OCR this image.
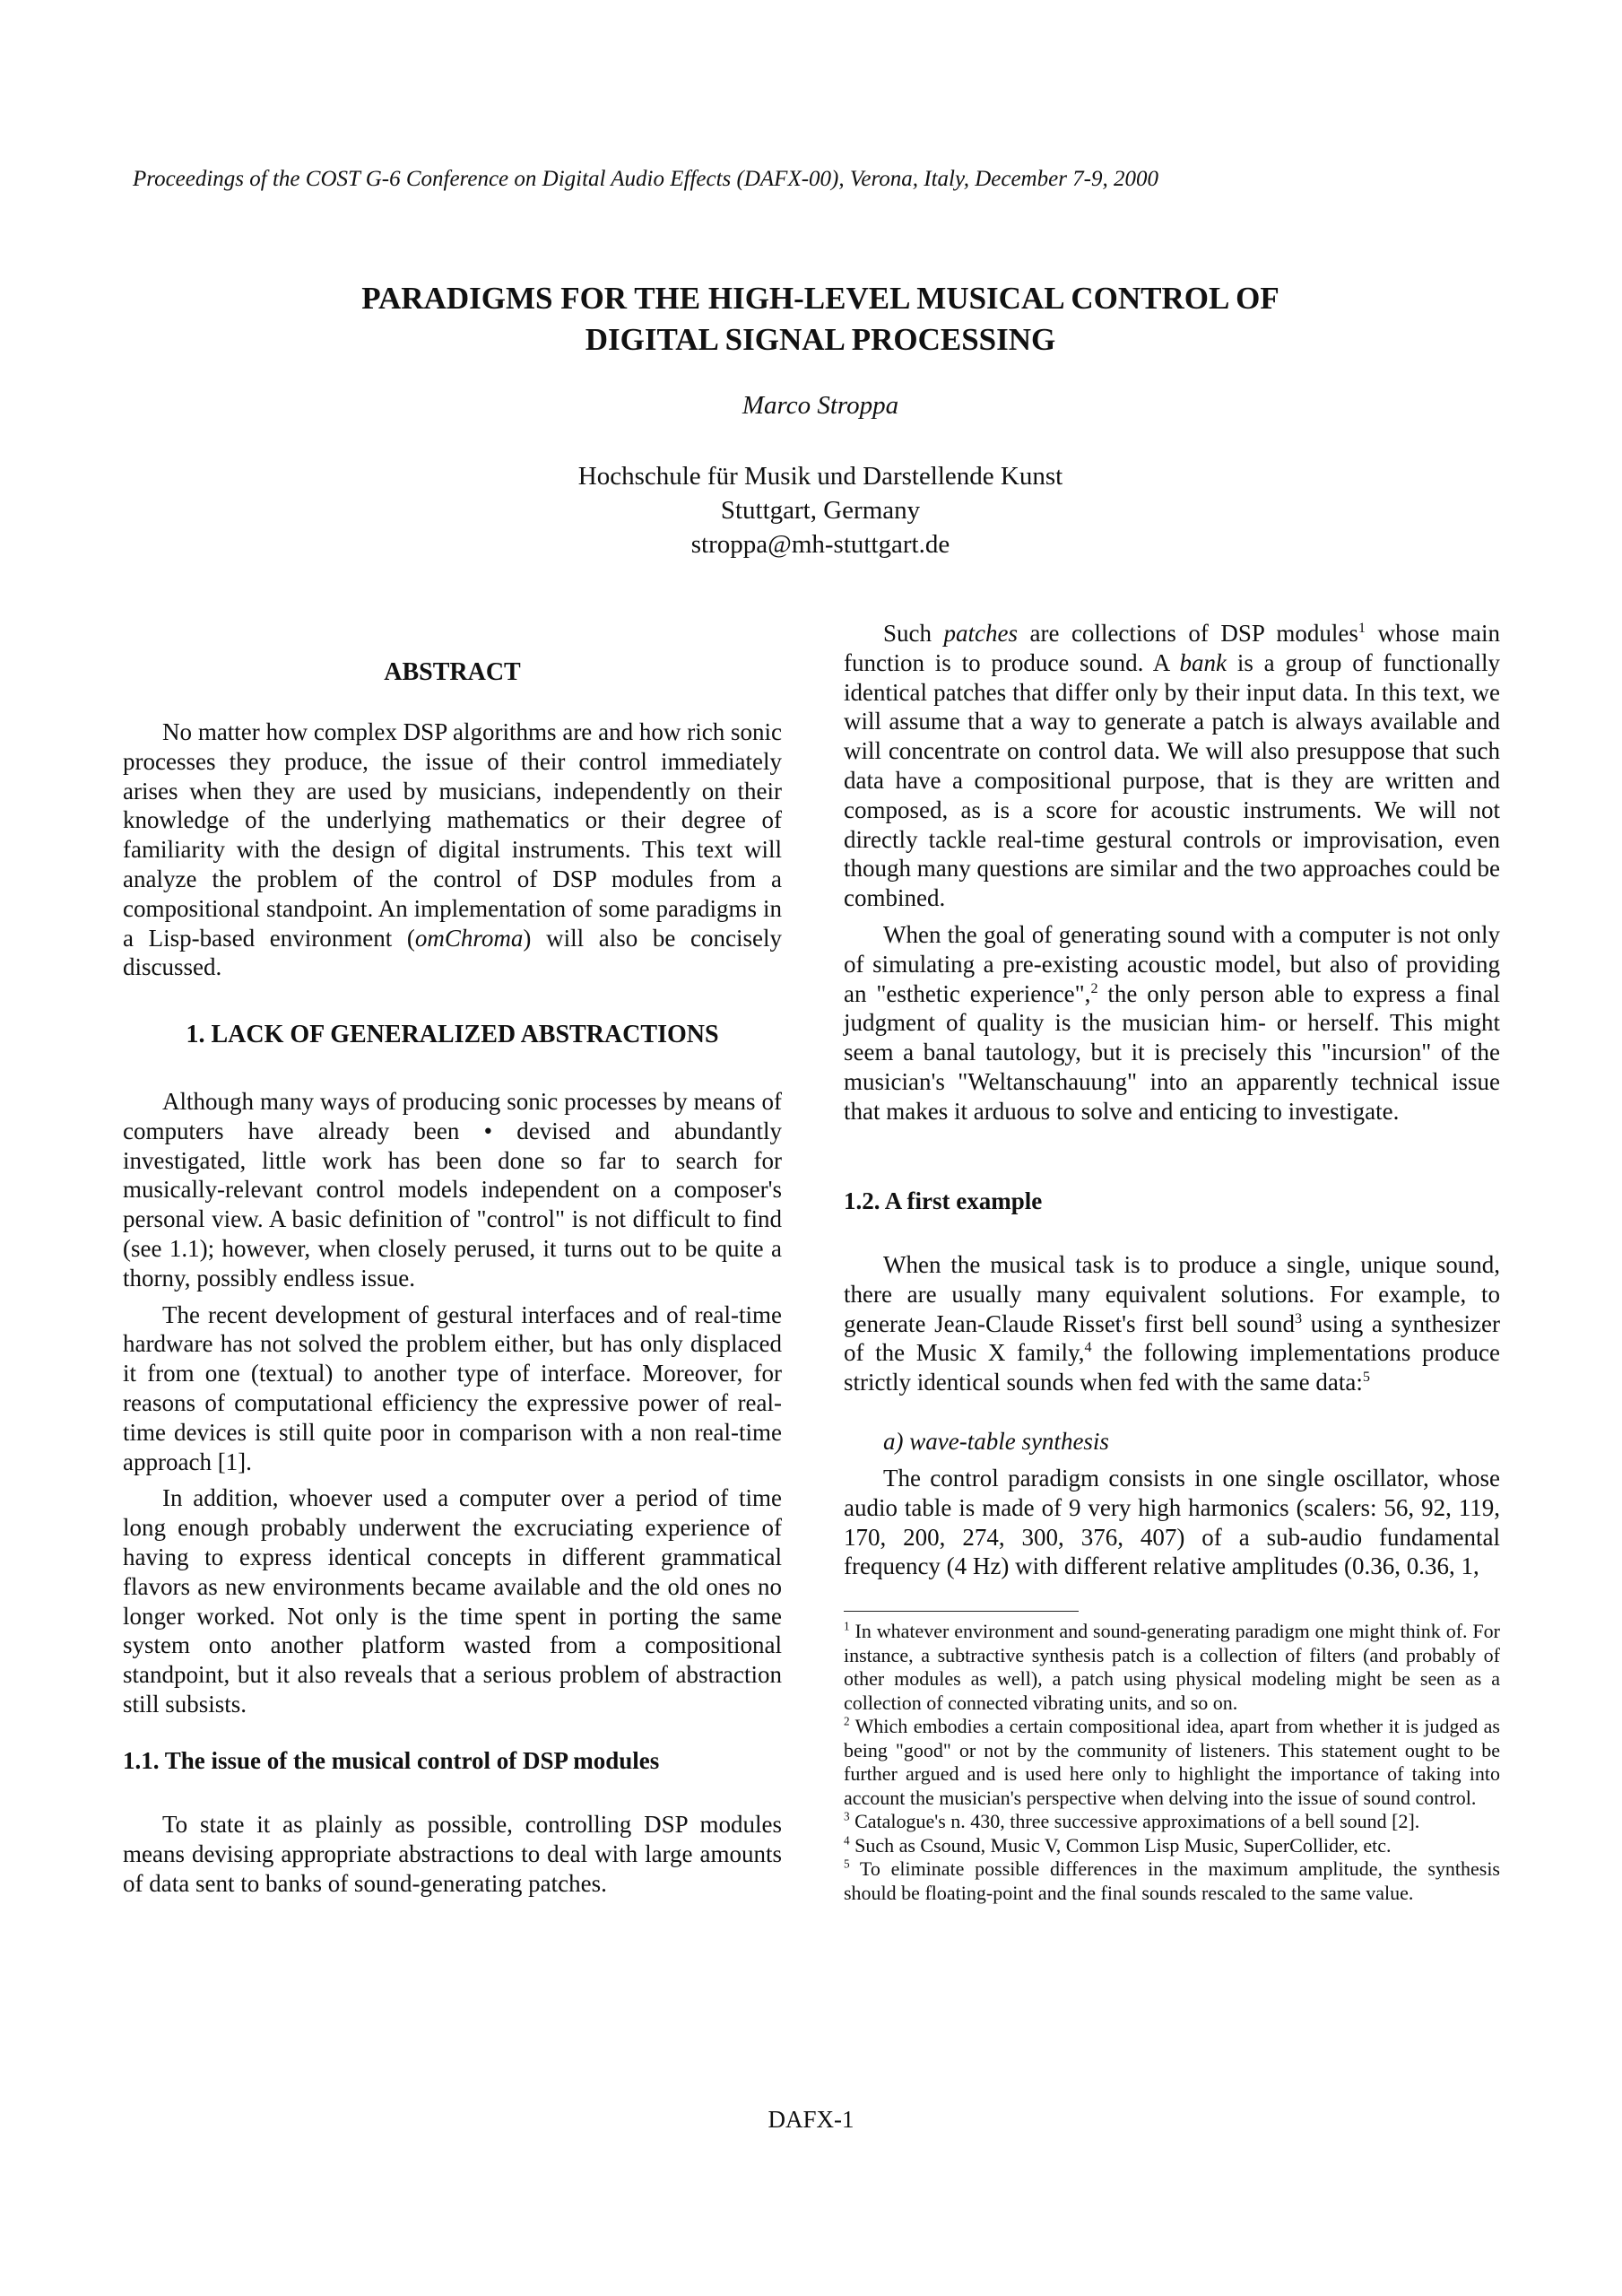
Proceedings of the COST G-6 Conference on Digital Audio Effects (DAFX-00), Verona, Italy, December 7-9, 2000
PARADIGMS FOR THE HIGH-LEVEL MUSICAL CONTROL OF
DIGITAL SIGNAL PROCESSING
Marco Stroppa
Hochschule für Musik und Darstellende Kunst
Stuttgart, Germany
stroppa@mh-stuttgart.de
ABSTRACT

No matter how complex DSP algorithms are and how rich sonic processes they produce, the issue of their control immediately arises when they are used by musicians, independently on their knowledge of the underlying mathematics or their degree of familiarity with the design of digital instruments. This text will analyze the problem of the control of DSP modules from a compositional standpoint. An implementation of some paradigms in a Lisp-based environment (omChroma) will also be concisely discussed.

1. LACK OF GENERALIZED ABSTRACTIONS

Although many ways of producing sonic processes by means of computers have already been • devised and abundantly investigated, little work has been done so far to search for musically-relevant control models independent on a composer's personal view. A basic definition of "control" is not difficult to find (see 1.1); however, when closely perused, it turns out to be quite a thorny, possibly endless issue.

The recent development of gestural interfaces and of real-time hardware has not solved the problem either, but has only displaced it from one (textual) to another type of interface. Moreover, for reasons of computational efficiency the expressive power of real-time devices is still quite poor in comparison with a non real-time approach [1].

In addition, whoever used a computer over a period of time long enough probably underwent the excruciating experience of having to express identical concepts in different grammatical flavors as new environments became available and the old ones no longer worked. Not only is the time spent in porting the same system onto another platform wasted from a compositional standpoint, but it also reveals that a serious problem of abstraction still subsists.

1.1. The issue of the musical control of DSP modules

To state it as plainly as possible, controlling DSP modules means devising appropriate abstractions to deal with large amounts of data sent to banks of sound-generating patches.

Such patches are collections of DSP modules$^1$ whose main function is to produce sound. A bank is a group of functionally identical patches that differ only by their input data. In this text, we will assume that a way to generate a patch is always available and will concentrate on control data. We will also presuppose that such data have a compositional purpose, that is they are written and composed, as is a score for acoustic instruments. We will not directly tackle real-time gestural controls or improvisation, even though many questions are similar and the two approaches could be combined.

When the goal of generating sound with a computer is not only of simulating a pre-existing acoustic model, but also of providing an "esthetic experience",$^2$ the only person able to express a final judgment of quality is the musician him- or herself. This might seem a banal tautology, but it is precisely this "incursion" of the musician's "Weltanschauung" into an apparently technical issue that makes it arduous to solve and enticing to investigate.

1.2. A first example

When the musical task is to produce a single, unique sound, there are usually many equivalent solutions. For example, to generate Jean-Claude Risset's first bell sound$^3$ using a synthesizer of the Music X family,$^4$ the following implementations produce strictly identical sounds when fed with the same data:$^5$

a) wave-table synthesis

The control paradigm consists in one single oscillator, whose audio table is made of 9 very high harmonics (scalers: 56, 92, 119, 170, 200, 274, 300, 376, 407) of a sub-audio fundamental frequency (4 Hz) with different relative amplitudes (0.36, 0.36, 1,

$^1$ In whatever environment and sound-generating paradigm one might think of. For instance, a subtractive synthesis patch is a collection of filters (and probably of other modules as well), a patch using physical modeling might be seen as a collection of connected vibrating units, and so on.

$^2$ Which embodies a certain compositional idea, apart from whether it is judged as being "good" or not by the community of listeners. This statement ought to be further argued and is used here only to highlight the importance of taking into account the musician's perspective when delving into the issue of sound control.

$^3$ Catalogue's n. 430, three successive approximations of a bell sound [2].

$^4$ Such as Csound, Music V, Common Lisp Music, SuperCollider, etc.

$^5$ To eliminate possible differences in the maximum amplitude, the synthesis should be floating-point and the final sounds rescaled to the same value.

DAFX-1
